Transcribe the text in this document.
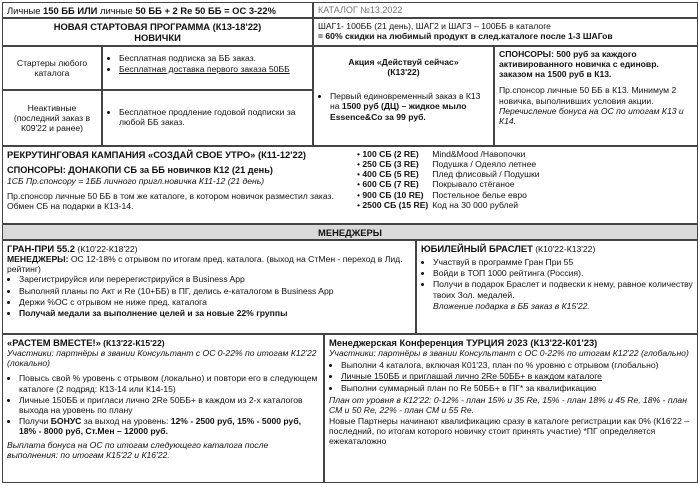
Личные 150 ББ ИЛИ личные 50 ББ + 2 Re 50 ББ = ОС 3-22%	КАТАЛОГ №13.2022
НОВАЯ СТАРТОВАЯ ПРОГРАММА (К13-18'22)
НОВИЧКИ
ШАГ1- 100ББ (21 день), ШАГ2 и ШАГЗ – 100ББ в каталоге
= 60% скидки на любимый продукт в след.каталоге после 1-3 ШАГов
Стартеры любого каталога
• Бесплатная подписка за ББ заказ.
• Бесплатная доставка первого заказа 50ББ
Неактивные (последний заказ в К09'22 и ранее)
• Бесплатное продление годовой подписки за любой ББ заказ.
Акция «Действуй сейчас»
(К13'22)
• Первый единовременный заказ в К13 на 1500 руб (ДЦ) – жидкое мыло Essence&Co за 99 руб.
СПОНСОРЫ: 500 руб за каждого активированного новичка с единовр. заказом на 1500 руб в К13.
Пр.спонсор личные 50 ББ в К13. Минимум 2 новичка, выполнивших условия акции. Перечисление бонуса на ОС по итогам К13 и К14.
РЕКРУТИНГОВАЯ КАМПАНИЯ «СОЗДАЙ СВОЕ УТРО» (К11-12'22)
СПОНСОРЫ: ДОНАКОПИ СБ за ББ новичков К12 (21 день)
1СБ Пр.спонсору = 1ББ личного пригл.новичка К11-12 (21 день)
Пр.спонсор личные 50 ББ в том же каталоге, в котором новичок разместил заказ. Обмен СБ на подарки в К13-14.
• 100 СБ (2 RE)	Mind&Mood /Навопочки
• 250 СБ (3 RE)	Подушка / Одеяло летнее
• 400 СБ (5 RE)	Плед флисовый / Подушки
• 600 СБ (7 RE)	Покрывало стёганое
• 900 СБ (10 RE)	Постельное белье евро
• 2500 СБ (15 RE)	Код на 30 000 рублей
МЕНЕДЖЕРЫ
ГРАН-ПРИ 55.2 (К10'22-К18'22)
МЕНЕДЖЕРЫ: ОС 12-18% с отрывом по итогам пред. каталога. (выход на СтМен - переход в Лид. рейтинг)
• Зарегистрируйся или перерегистрируйся в Business App
• Выполняй планы по Акт и Re (10+ББ) в ПГ, делись е-каталогом в Business App
• Держи %ОС с отрывом не ниже пред. каталога
• Получай медали за выполнение целей и за новые 22% группы
ЮБИЛЕЙНЫЙ БРАСЛЕТ (К10'22-К13'22)
• Участвуй в программе Гран При 55
• Войди в ТОП 1000 рейтинга (Россия).
• Получи в подарок Браслет и подвески к нему, равное количеству твоих Зол. медалей.
Вложение подарка в ББ заказ в К15'22.
«РАСТЕМ ВМЕСТЕ!» (К13'22-К15'22)
Участники: партнёры в звании Консультант с ОС 0-22% по итогам К12'22 (локально)
• Повысь свой % уровень с отрывом (локально) и повтори его в следующем каталоге (2 подряд: К13-14 или К14-15)
• Личные 150ББ и пригласи лично 2Re 50ББ+ в каждом из 2-х каталогов выхода на уровень по плану
• Получи БОНУС за выход на уровень: 12% - 2500 руб, 15% - 5000 руб, 18% - 8000 руб, Ст.Мен – 12000 руб.
Выплата бонуса на ОС по итогам следующего каталога после выполнения: по итогам К15'22 и К16'22.
Менеджерская Конференция ТУРЦИЯ 2023 (К13'22-К01'23)
Участники: партнёры в звании Консультант с ОС 0-22% по итогам К12'22 (глобально)
• Выполни 4 каталога, включая К01'23, план по % уровню с отрывом (глобально)
• Личные 150ББ и приглашай лично 2Re 50ББ+ в каждом каталоге
• Выполни суммарный план по Re 50ББ+ в ПГ* за квалификацию
План от уровня в К12'22: 0-12% - план 15% и 35 Re, 15% - план 18% и 45 Re, 18% - план СМ и 50 Re, 22% - план СМ и 55 Re.
Новые Партнеры начинают квалификацию сразу в каталоге регистрации как 0% (К16'22 – последний, по итогам которого новичку стоит принять участие) *ПГ определяется ежекаталожно
